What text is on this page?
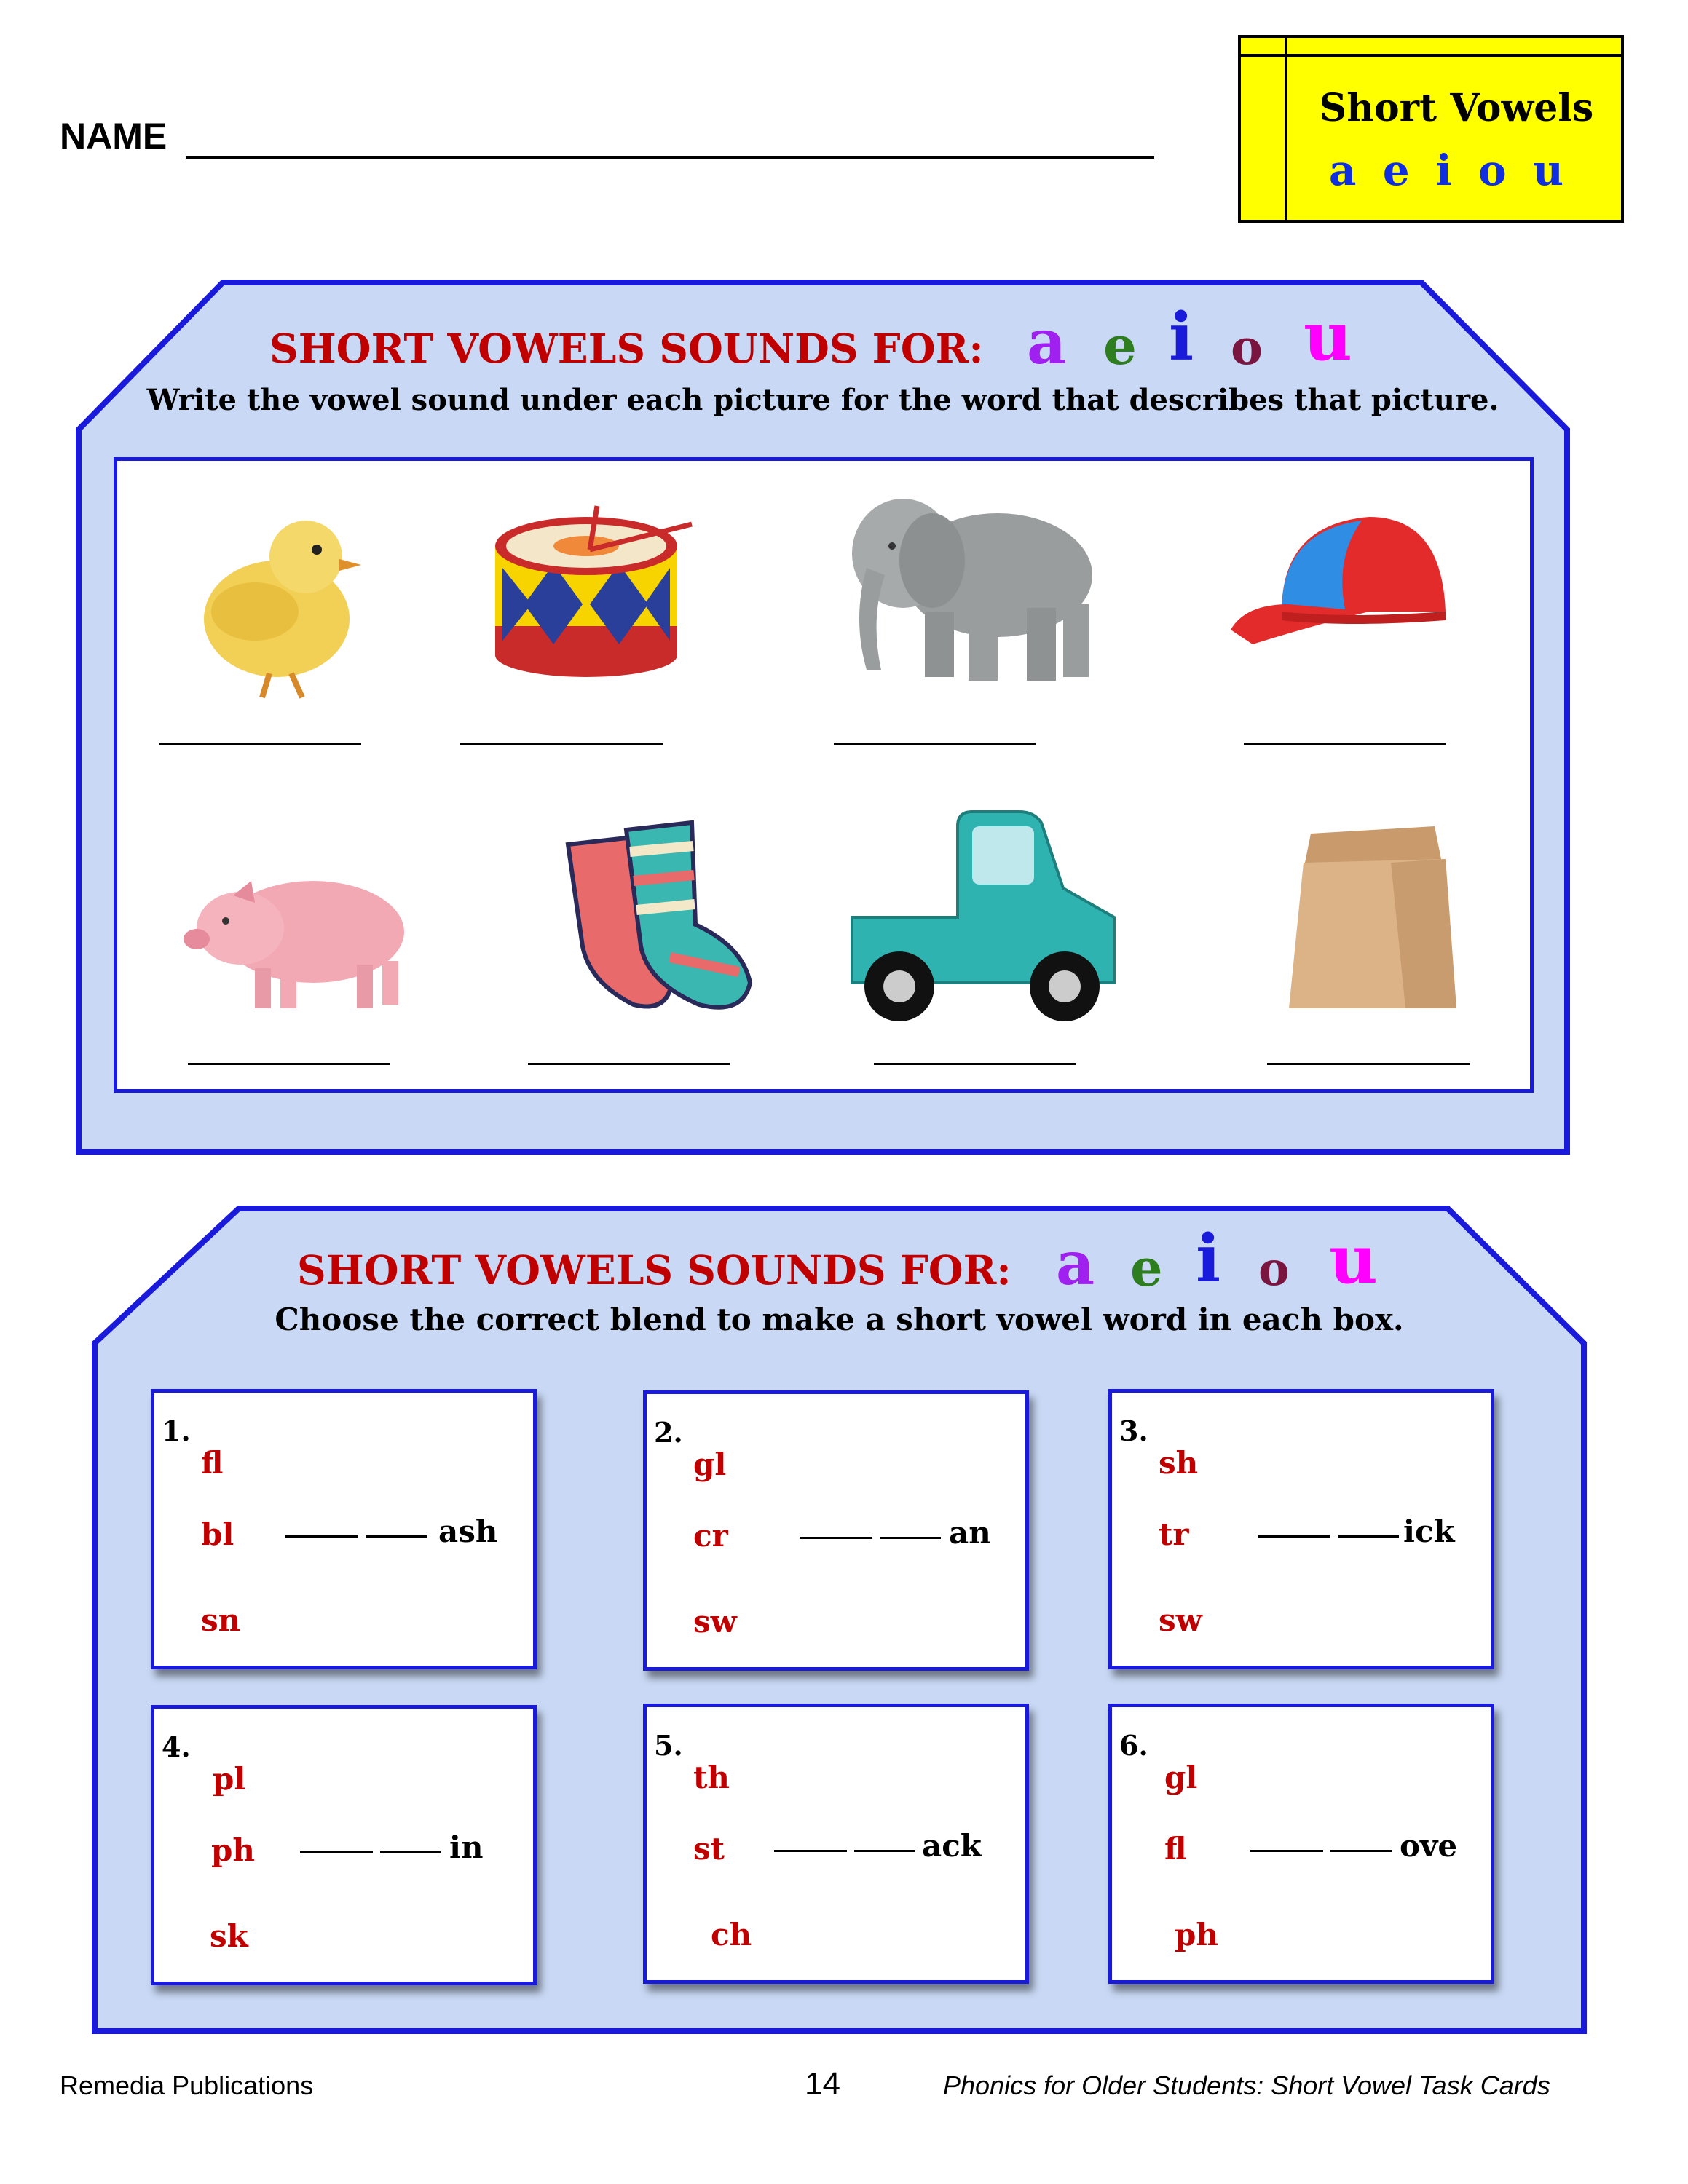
NAME
Short Vowels
a e i o u
SHORT VOWELS SOUNDS FOR: a e i o u
Write the vowel sound under each picture for the word that describes that picture.
SHORT VOWELS SOUNDS FOR: a e i o u
Choose the correct blend to make a short vowel word in each box.
1.
fl
bl
sn
ash
2.
gl
cr
sw
an
3.
sh
tr
sw
ick
4.
pl
ph
sk
in
5.
th
st
ch
ack
6.
gl
fl
ph
ove
Remedia Publications	14	Phonics for Older Students: Short Vowel Task Cards
